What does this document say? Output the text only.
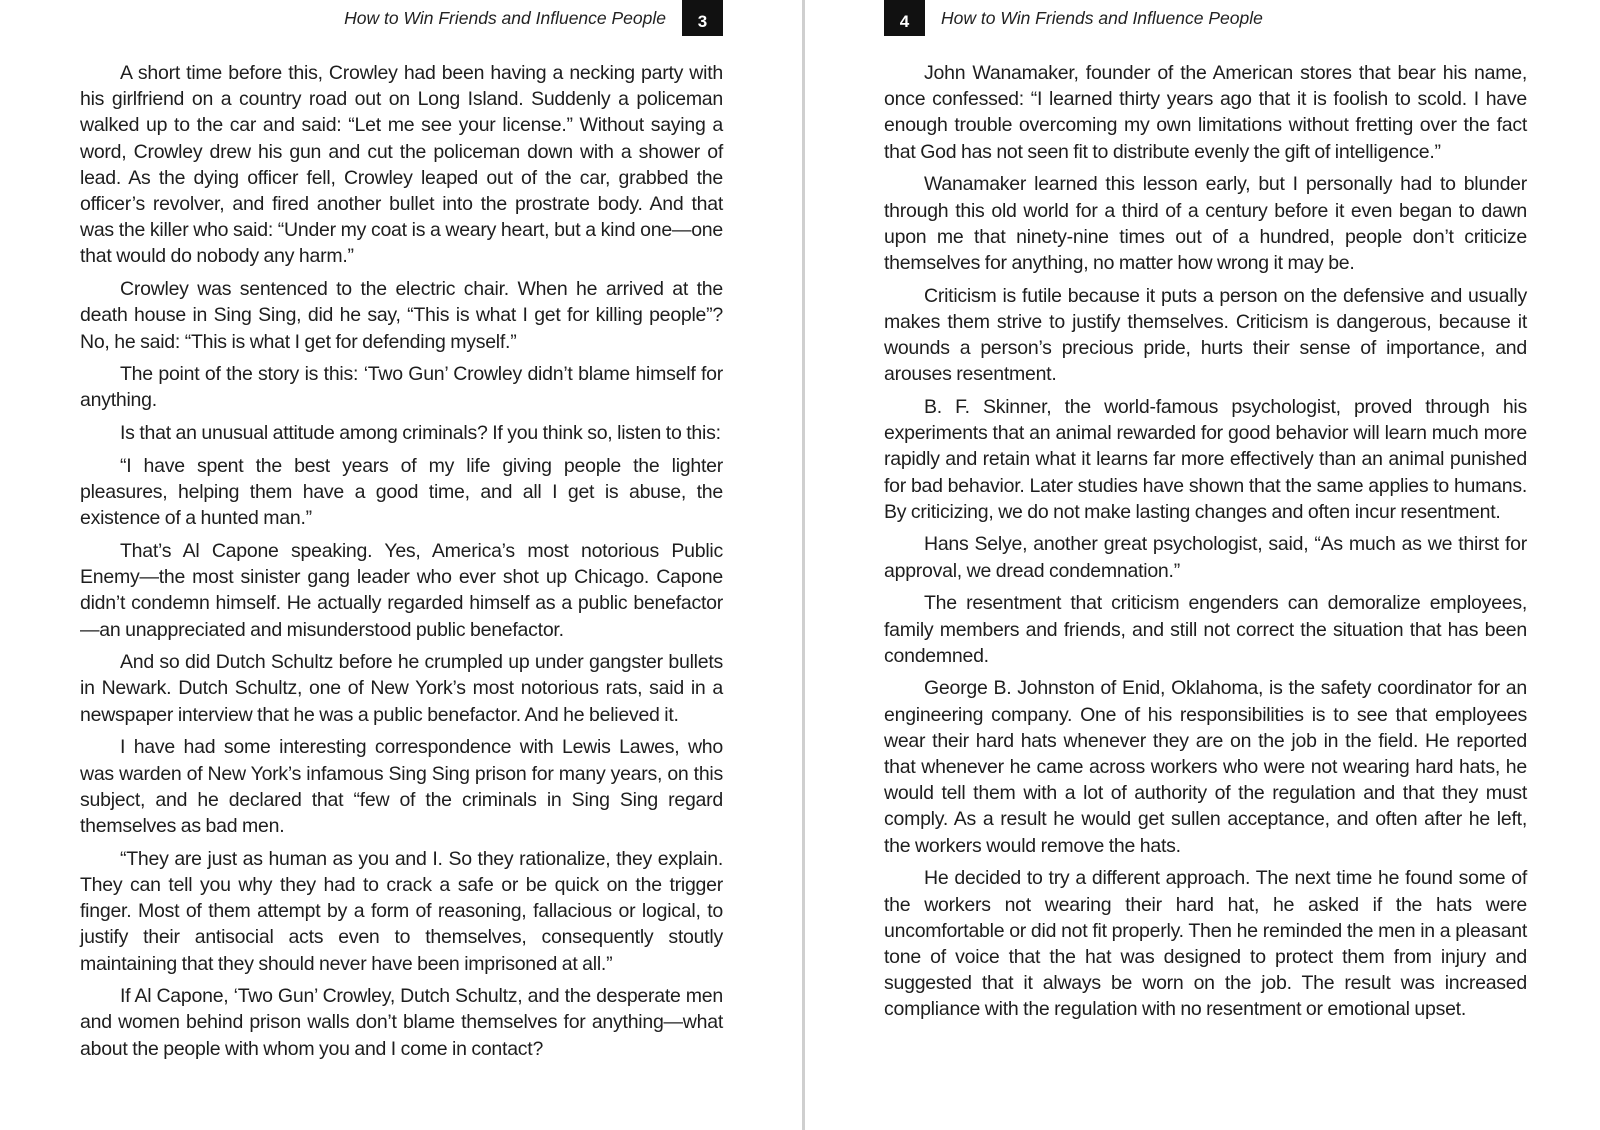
How to Win Friends and Influence People	3

A short time before this, Crowley had been having a necking party with his girlfriend on a country road out on Long Island. Suddenly a policeman walked up to the car and said: “Let me see your license.” Without saying a word, Crowley drew his gun and cut the policeman down with a shower of lead. As the dying officer fell, Crowley leaped out of the car, grabbed the officer’s revolver, and fired another bullet into the prostrate body. And that was the killer who said: “Under my coat is a weary heart, but a kind one—one that would do nobody any harm.”

Crowley was sentenced to the electric chair. When he arrived at the death house in Sing Sing, did he say, “This is what I get for killing people”? No, he said: “This is what I get for defending myself.”

The point of the story is this: ‘Two Gun’ Crowley didn’t blame himself for anything.

Is that an unusual attitude among criminals? If you think so, listen to this:

“I have spent the best years of my life giving people the lighter pleasures, helping them have a good time, and all I get is abuse, the existence of a hunted man.”

That’s Al Capone speaking. Yes, America’s most notorious Public Enemy—the most sinister gang leader who ever shot up Chicago. Capone didn’t condemn himself. He actually regarded himself as a public benefactor—an unappreciated and misunderstood public benefactor.

And so did Dutch Schultz before he crumpled up under gangster bullets in Newark. Dutch Schultz, one of New York’s most notorious rats, said in a newspaper interview that he was a public benefactor. And he believed it.

I have had some interesting correspondence with Lewis Lawes, who was warden of New York’s infamous Sing Sing prison for many years, on this subject, and he declared that “few of the criminals in Sing Sing regard themselves as bad men.

“They are just as human as you and I. So they rationalize, they explain. They can tell you why they had to crack a safe or be quick on the trigger finger. Most of them attempt by a form of reasoning, fallacious or logical, to justify their antisocial acts even to themselves, consequently stoutly maintaining that they should never have been imprisoned at all.”

If Al Capone, ‘Two Gun’ Crowley, Dutch Schultz, and the desperate men and women behind prison walls don’t blame themselves for anything—what about the people with whom you and I come in contact?

4	How to Win Friends and Influence People

John Wanamaker, founder of the American stores that bear his name, once confessed: “I learned thirty years ago that it is foolish to scold. I have enough trouble overcoming my own limitations without fretting over the fact that God has not seen fit to distribute evenly the gift of intelligence.”

Wanamaker learned this lesson early, but I personally had to blunder through this old world for a third of a century before it even began to dawn upon me that ninety-nine times out of a hundred, people don’t criticize themselves for anything, no matter how wrong it may be.

Criticism is futile because it puts a person on the defensive and usually makes them strive to justify themselves. Criticism is dangerous, because it wounds a person’s precious pride, hurts their sense of importance, and arouses resentment.

B. F. Skinner, the world-famous psychologist, proved through his experiments that an animal rewarded for good behavior will learn much more rapidly and retain what it learns far more effectively than an animal punished for bad behavior. Later studies have shown that the same applies to humans. By criticizing, we do not make lasting changes and often incur resentment.

Hans Selye, another great psychologist, said, “As much as we thirst for approval, we dread condemnation.”

The resentment that criticism engenders can demoralize employees, family members and friends, and still not correct the situation that has been condemned.

George B. Johnston of Enid, Oklahoma, is the safety coordinator for an engineering company. One of his responsibilities is to see that employees wear their hard hats whenever they are on the job in the field. He reported that whenever he came across workers who were not wearing hard hats, he would tell them with a lot of authority of the regulation and that they must comply. As a result he would get sullen acceptance, and often after he left, the workers would remove the hats.

He decided to try a different approach. The next time he found some of the workers not wearing their hard hat, he asked if the hats were uncomfortable or did not fit properly. Then he reminded the men in a pleasant tone of voice that the hat was designed to protect them from injury and suggested that it always be worn on the job. The result was increased compliance with the regulation with no resentment or emotional upset.
